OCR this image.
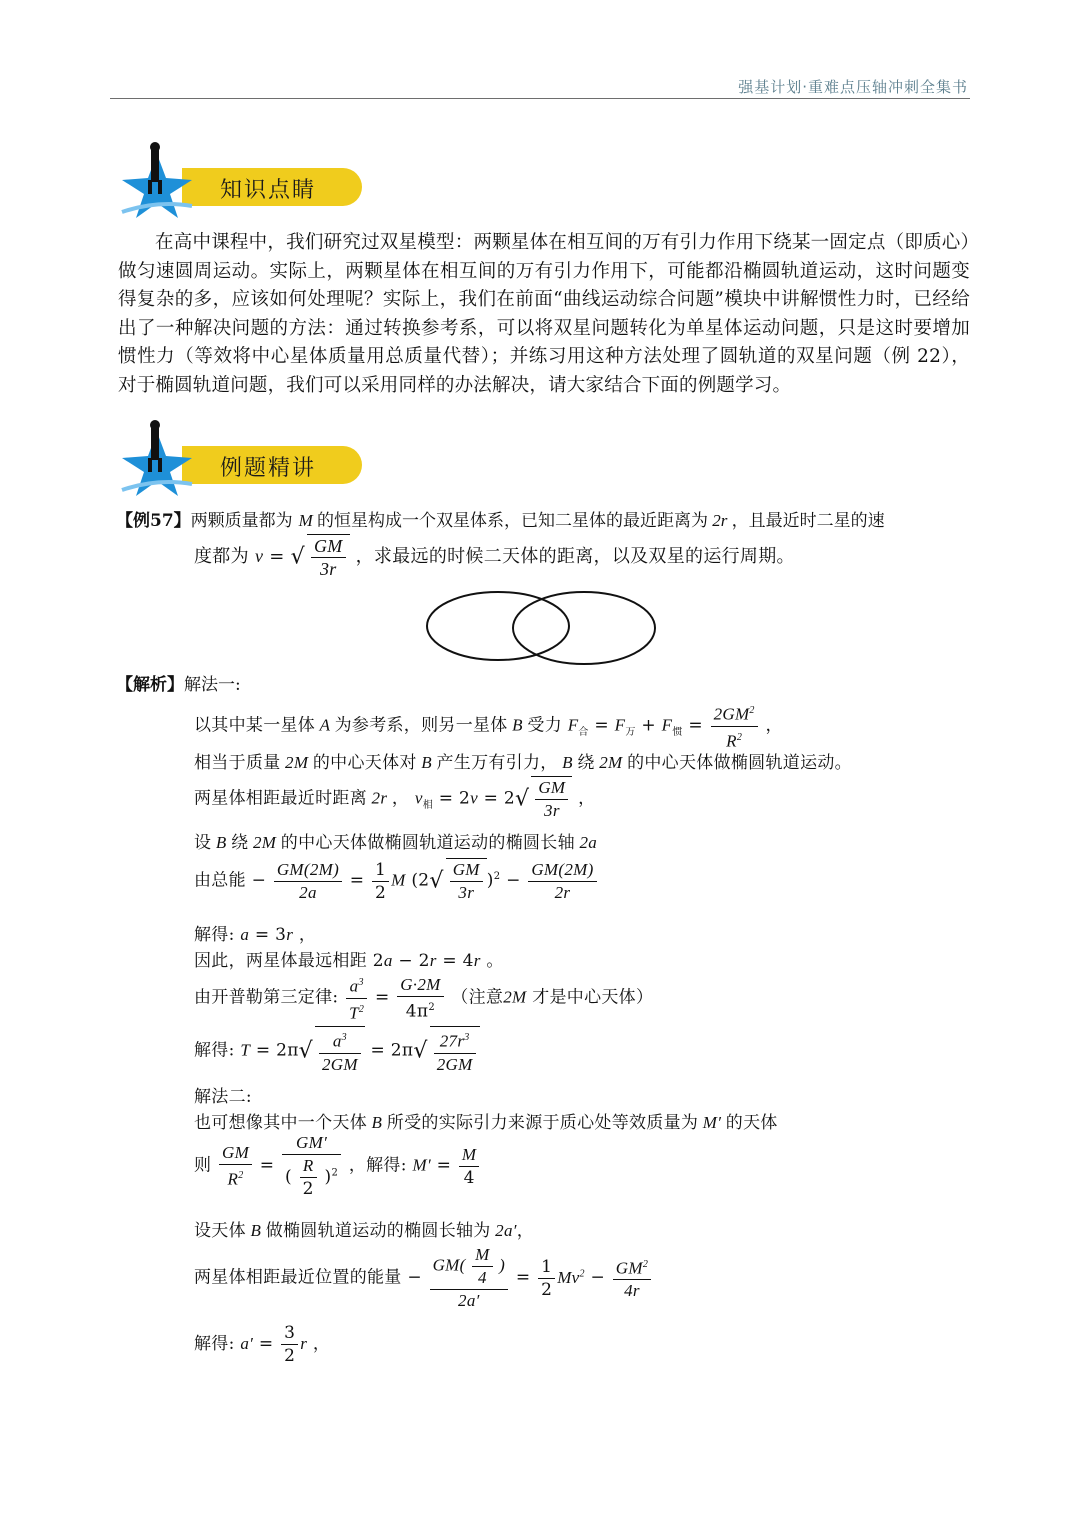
强基计划·重难点压轴冲刺全集书
知识点睛
在高中课程中，我们研究过双星模型：两颗星体在相互间的万有引力作用下绕某一固定点（即质心）做匀速圆周运动。实际上，两颗星体在相互间的万有引力作用下，可能都沿椭圆轨道运动，这时问题变得复杂的多，应该如何处理呢？实际上，我们在前面“曲线运动综合问题”模块中讲解惯性力时，已经给出了一种解决问题的方法：通过转换参考系，可以将双星问题转化为单星体运动问题，只是这时要增加惯性力（等效将中心星体质量用总质量代替）；并练习用这种方法处理了圆轨道的双星问题（例 22），对于椭圆轨道问题，我们可以采用同样的办法解决，请大家结合下面的例题学习。
例题精讲
【例57】两颗质量都为 M 的恒星构成一个双星体系，已知二星体的最近距离为 2r ，且最近时二星的速
度都为 v = √ $\frac{GM}{3r}$ ，求最远的时候二天体的距离，以及双星的运行周期。
【解析】解法一:
以其中某一星体 A 为参考系，则另一星体 B 受力 $F_合 = F_万 + F_惯 = \frac{2GM^2}{R^2}$ ，
相当于质量 2M 的中心天体对 B 产生万有引力， B 绕 2M 的中心天体做椭圆轨道运动。
两星体相距最近时距离 2r ， $v_相 = 2v = 2√ \frac{GM}{3r}$ ，
设 B 绕 2M 的中心天体做椭圆轨道运动的椭圆长轴 2a
由总能 − $\frac{GM(2M)}{2a} = \frac{1}{2}$ M $(2√ \frac{GM}{3r} )^2 - \frac{GM(2M)}{2r}$
解得: a = 3r ，
因此，两星体最远相距 2a − 2r = 4r 。
由开普勒第三定律: $\frac{a^3}{T^2} = \frac{G\cdot 2M}{4\pi^2}$ （注意2M 才是中心天体）
解得: $T = 2\pi√ \frac{a^3}{2GM} = 2\pi√ \frac{27r^3}{2GM}$
解法二:
也可想像其中一个天体 B 所受的实际引力来源于质心处等效质量为 M′ 的天体
则 $\frac{GM}{R^2} = \frac{GM'}{( \frac{R}{2} )^2}$ ，解得: $M' = \frac{M}{4}$
设天体 B 做椭圆轨道运动的椭圆长轴为 2a′，
两星体相距最近位置的能量 − $\frac{GM( \frac{M}{4} )}{2a'} = \frac{1}{2} Mv^2 - \frac{GM^2}{4r}$
解得: $a' = \frac{3}{2}$ r ，
